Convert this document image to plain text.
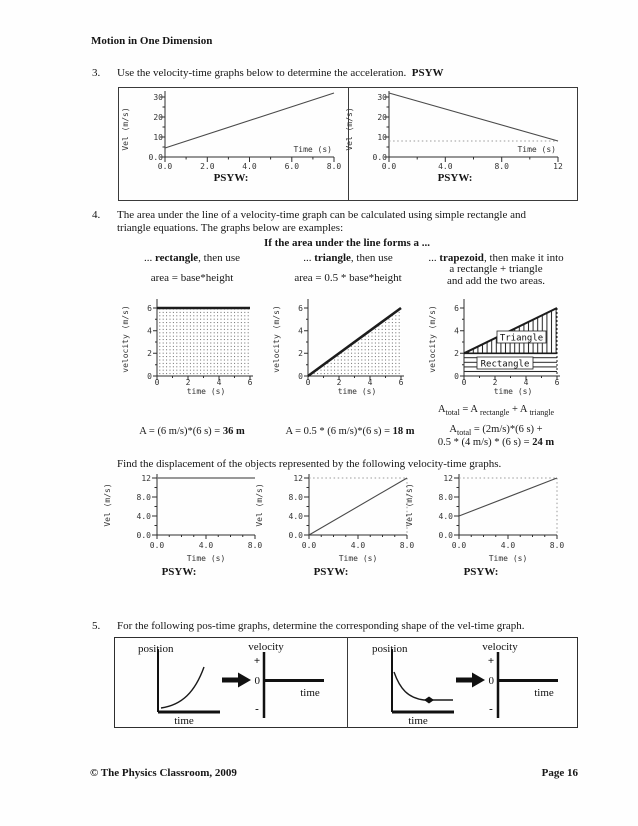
Motion in One Dimension
3. Use the velocity-time graphs below to determine the acceleration. PSYW
Vel (m/s)	Time (s)
0.0
10
20
30
0.0	2.0	4.0	6.0	8.0
PSYW:
Vel (m/s)	Time (s)
0.0
10
20
30
0.0	4.0	8.0	12
PSYW:
4. The area under the line of a velocity-time graph can be calculated using simple rectangle and
triangle equations. The graphs below are examples:
If the area under the line forms a ...
... rectangle, then use	... triangle, then use	... trapezoid, then make it into
area = base*height	area = 0.5 * base*height
a rectangle + triangle
and add the two areas.
velocity (m/s)
time (s)
0
2
4
6
0	2	4	6
velocity (m/s)
time (s)
0
2
4
6
0	2	4	6
Triangle
Rectangle
velocity (m/s)
time (s)
0
2
4
6
0	2	4	6
A = (6 m/s)*(6 s) = 36 m	A = 0.5 * (6 m/s)*(6 s) = 18 m
$A_{total} = A$ $_{rectangle}$ + A $_{triangle}$
$A_{total} = (2m/s)*(6$ s) +
0.5 * (4 m/s) * (6 s) = 24 m
Find the displacement of the objects represented by the following velocity-time graphs.
Vel (m/s)
Time (s)
0.0
4.0
8.0
12
0.0	4.0	8.0
PSYW:
Vel (m/s)
Time (s)
0.0
4.0
8.0
12
0.0	4.0	8.0
PSYW:
Vel (m/s)
Time (s)
0.0
4.0
8.0
12
0.0	4.0	8.0
PSYW:
5. For the following pos-time graphs, determine the corresponding shape of the vel-time graph.
position
time
velocity
+
0
time
-
position
time
velocity
+
0
time
-
© The Physics Classroom, 2009	Page 16
